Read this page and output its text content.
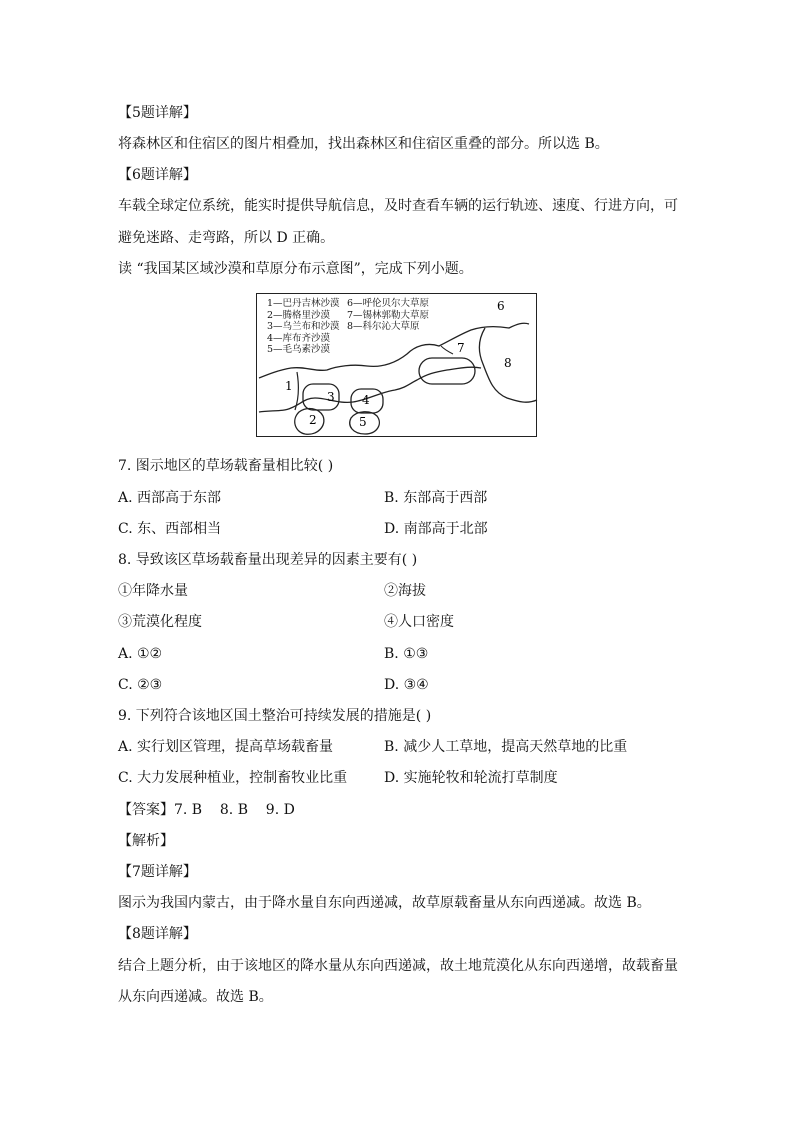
【5题详解】
将森林区和住宿区的图片相叠加，找出森林区和住宿区重叠的部分。所以选 B。
【6题详解】
车载全球定位系统，能实时提供导航信息，及时查看车辆的运行轨迹、速度、行进方向，可
避免迷路、走弯路，所以 D 正确。
读 “我国某区域沙漠和草原分布示意图”，完成下列小题。
1
2
3 4
5
6
7
8
1—巴丹吉林沙漠
2—腾格里沙漠
3—乌兰布和沙漠
4—库布齐沙漠
5—毛乌素沙漠
6—呼伦贝尔大草原
7—锡林郭勒大草原
8—科尔沁大草原
7. 图示地区的草场载畜量相比较( )
A. 西部高于东部	B. 东部高于西部
C. 东、西部相当	D. 南部高于北部
8. 导致该区草场载畜量出现差异的因素主要有( )
①年降水量	②海拔
③荒漠化程度	④人口密度
A. ①②	B. ①③
C. ②③	D. ③④
9. 下列符合该地区国土整治可持续发展的措施是( )
A. 实行划区管理，提高草场载畜量	B. 减少人工草地，提高天然草地的比重
C. 大力发展种植业，控制畜牧业比重	D. 实施轮牧和轮流打草制度
【答案】7. B    8. B    9. D
【解析】
【7题详解】
图示为我国内蒙古，由于降水量自东向西递减，故草原载畜量从东向西递减。故选 B。
【8题详解】
结合上题分析，由于该地区的降水量从东向西递减，故土地荒漠化从东向西递增，故载畜量
从东向西递减。故选 B。
